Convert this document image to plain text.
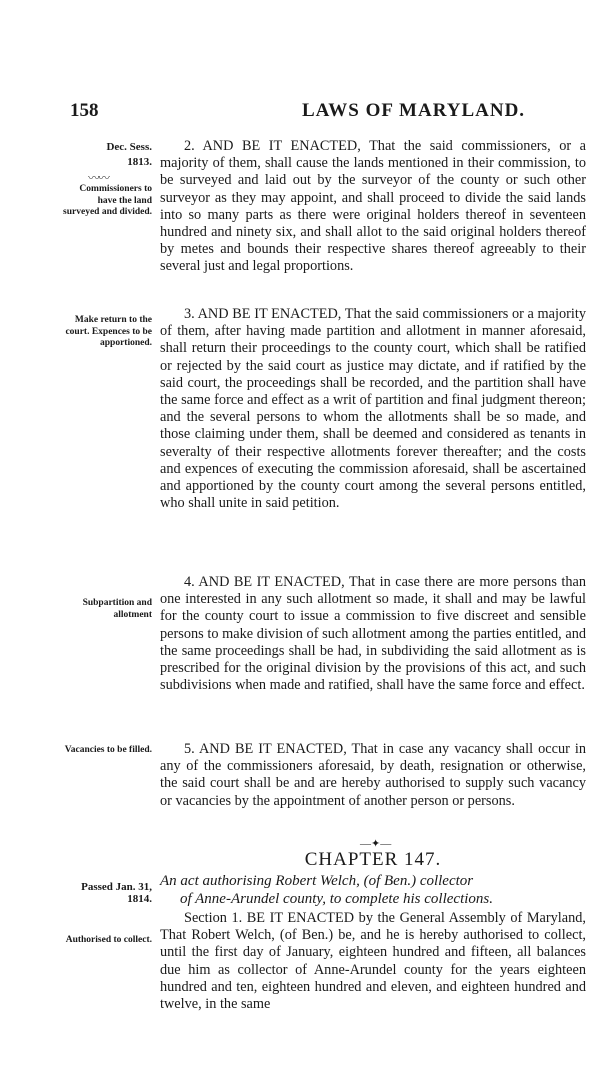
158	LAWS OF MARYLAND.
Dec. Sess.
1813.
〰〰
Commissioners to have the land surveyed and divided.
Make return to the court. Expences to be apportioned.
Subpartition and allotment
Vacancies to be filled.
Passed Jan. 31, 1814.
Authorised to collect.

2. AND BE IT ENACTED, That the said commissioners, or a majority of them, shall cause the lands mentioned in their commission, to be surveyed and laid out by the surveyor of the county or such other surveyor as they may appoint, and shall proceed to divide the said lands into so many parts as there were original holders thereof in seventeen hundred and ninety six, and shall allot to the said original holders thereof by metes and bounds their respective shares thereof agreeably to their several just and legal proportions.

3. AND BE IT ENACTED, That the said commissioners or a majority of them, after having made partition and allotment in manner aforesaid, shall return their proceedings to the county court, which shall be ratified or rejected by the said court as justice may dictate, and if ratified by the said court, the proceedings shall be recorded, and the partition shall have the same force and effect as a writ of partition and final judgment thereon; and the several persons to whom the allotments shall be so made, and those claiming under them, shall be deemed and considered as tenants in severalty of their respective allotments forever thereafter; and the costs and expences of executing the commission aforesaid, shall be ascertained and apportioned by the county court among the several persons entitled, who shall unite in said petition.

4. AND BE IT ENACTED, That in case there are more persons than one interested in any such allotment so made, it shall and may be lawful for the county court to issue a commission to five discreet and sensible persons to make division of such allotment among the parties entitled, and the same proceedings shall be had, in subdividing the said allotment as is prescribed for the original division by the provisions of this act, and such subdivisions when made and ratified, shall have the same force and effect.

5. AND BE IT ENACTED, That in case any vacancy shall occur in any of the commissioners aforesaid, by death, resignation or otherwise, the said court shall be and are hereby authorised to supply such vacancy or vacancies by the appointment of another person or persons.

—✦—
CHAPTER 147.
An act authorising Robert Welch, (of Ben.) collector
of Anne-Arundel county, to complete his collections.

Section 1. BE IT ENACTED by the General Assembly of Maryland, That Robert Welch, (of Ben.) be, and he is hereby authorised to collect, until the first day of January, eighteen hundred and fifteen, all balances due him as collector of Anne-Arundel county for the years eighteen hundred and ten, eighteen hundred and eleven, and eighteen hundred and twelve, in the same
